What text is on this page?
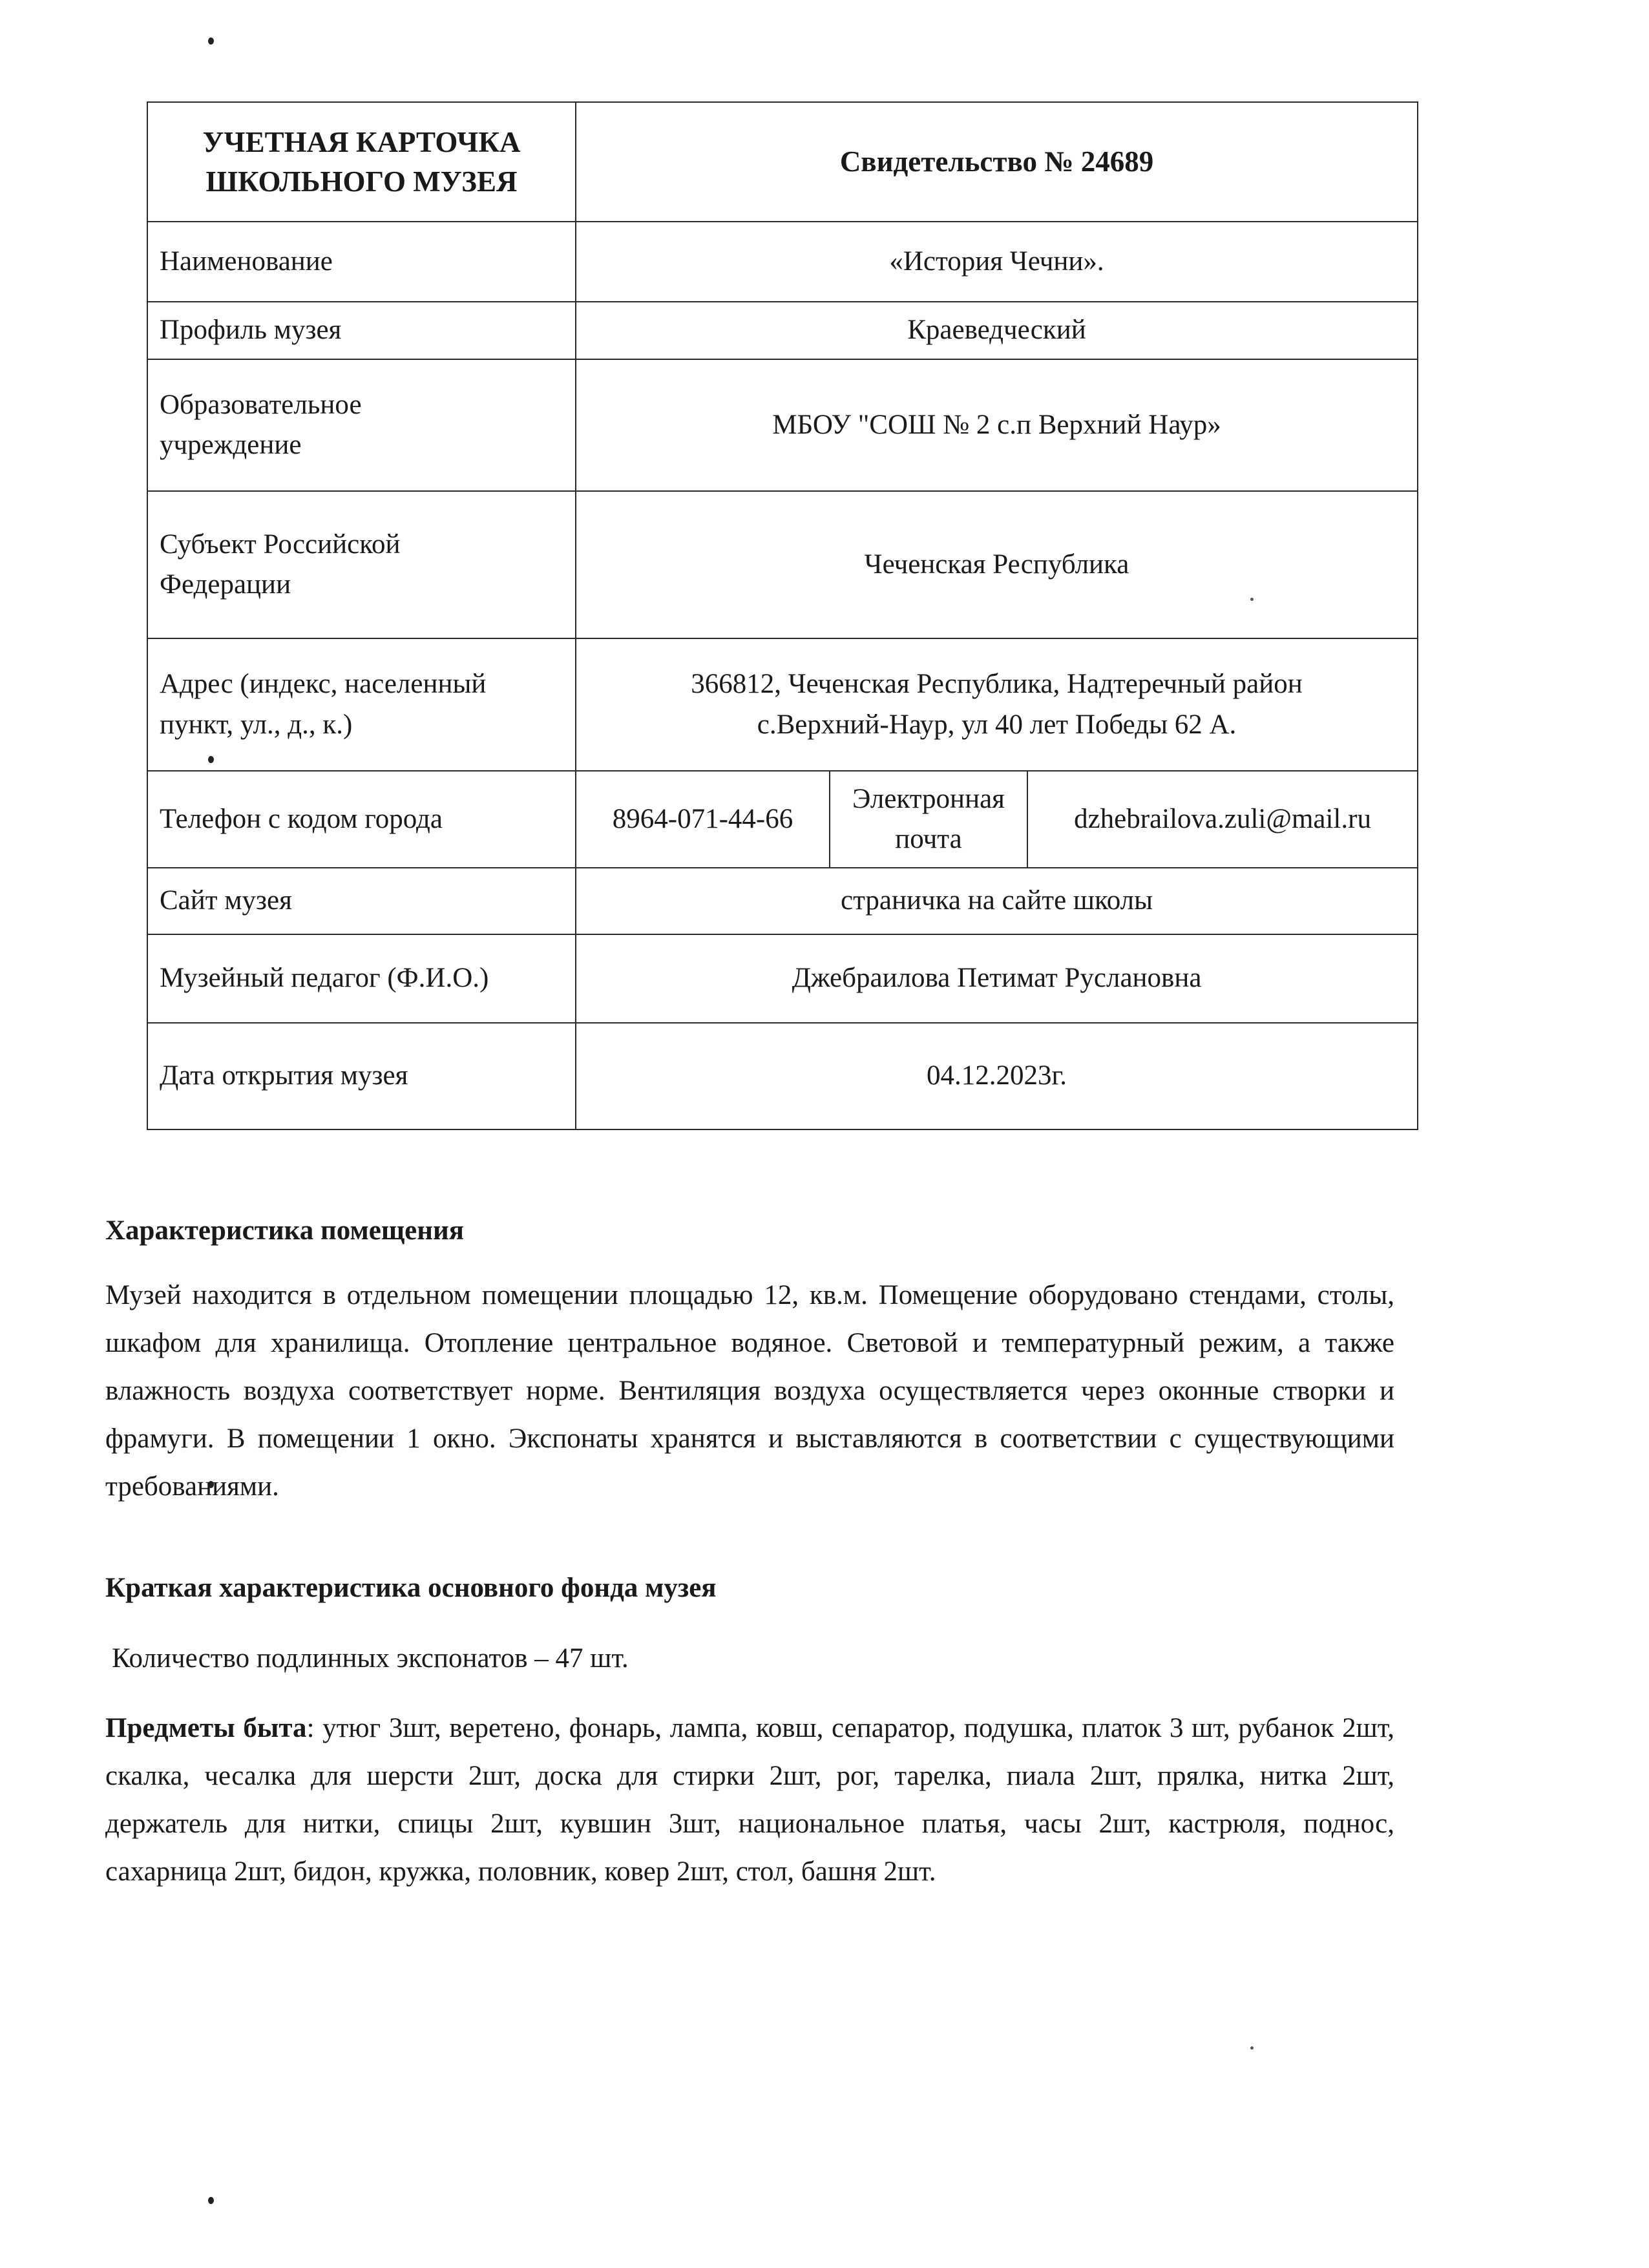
УЧЕТНАЯ КАРТОЧКА
ШКОЛЬНОГО МУЗЕЯ	Свидетельство № 24689		
Наименование	«История Чечни».		
Профиль музея	Краеведческий		
Образовательное
учреждение	МБОУ "СОШ № 2 с.п Верхний Наур»		
Субъект Российской
Федерации	Чеченская Республика		
Адрес (индекс, населенный
пункт, ул., д., к.)	366812, Чеченская Республика, Надтеречный район
с.Верхний-Наур, ул 40 лет Победы 62 А.		
Телефон с кодом города	8964-071-44-66	Электронная
почта	dzhebrailova.zuli@mail.ru
Сайт музея	страничка на сайте школы		
Музейный педагог (Ф.И.О.)	Джебраилова Петимат Руслановна		
Дата открытия музея	04.12.2023г.		
Характеристика помещения
Музей находится в отдельном помещении площадью 12, кв.м. Помещение оборудовано стендами, столы, шкафом для хранилища. Отопление центральное водяное. Световой и температурный режим, а также влажность воздуха соответствует норме. Вентиляция воздуха осуществляется через оконные створки и фрамуги. В помещении 1 окно. Экспонаты хранятся и выставляются в соответствии с существующими требованиями.
Краткая характеристика основного фонда музея
Количество подлинных экспонатов – 47 шт.
Предметы быта: утюг 3шт, веретено, фонарь, лампа, ковш, сепаратор, подушка, платок 3 шт, рубанок 2шт, скалка, чесалка для шерсти 2шт, доска для стирки 2шт, рог, тарелка, пиала 2шт, прялка, нитка 2шт, держатель для нитки, спицы 2шт, кувшин 3шт, национальное платья, часы 2шт, кастрюля, поднос, сахарница 2шт, бидон, кружка, половник, ковер 2шт, стол, башня 2шт.
